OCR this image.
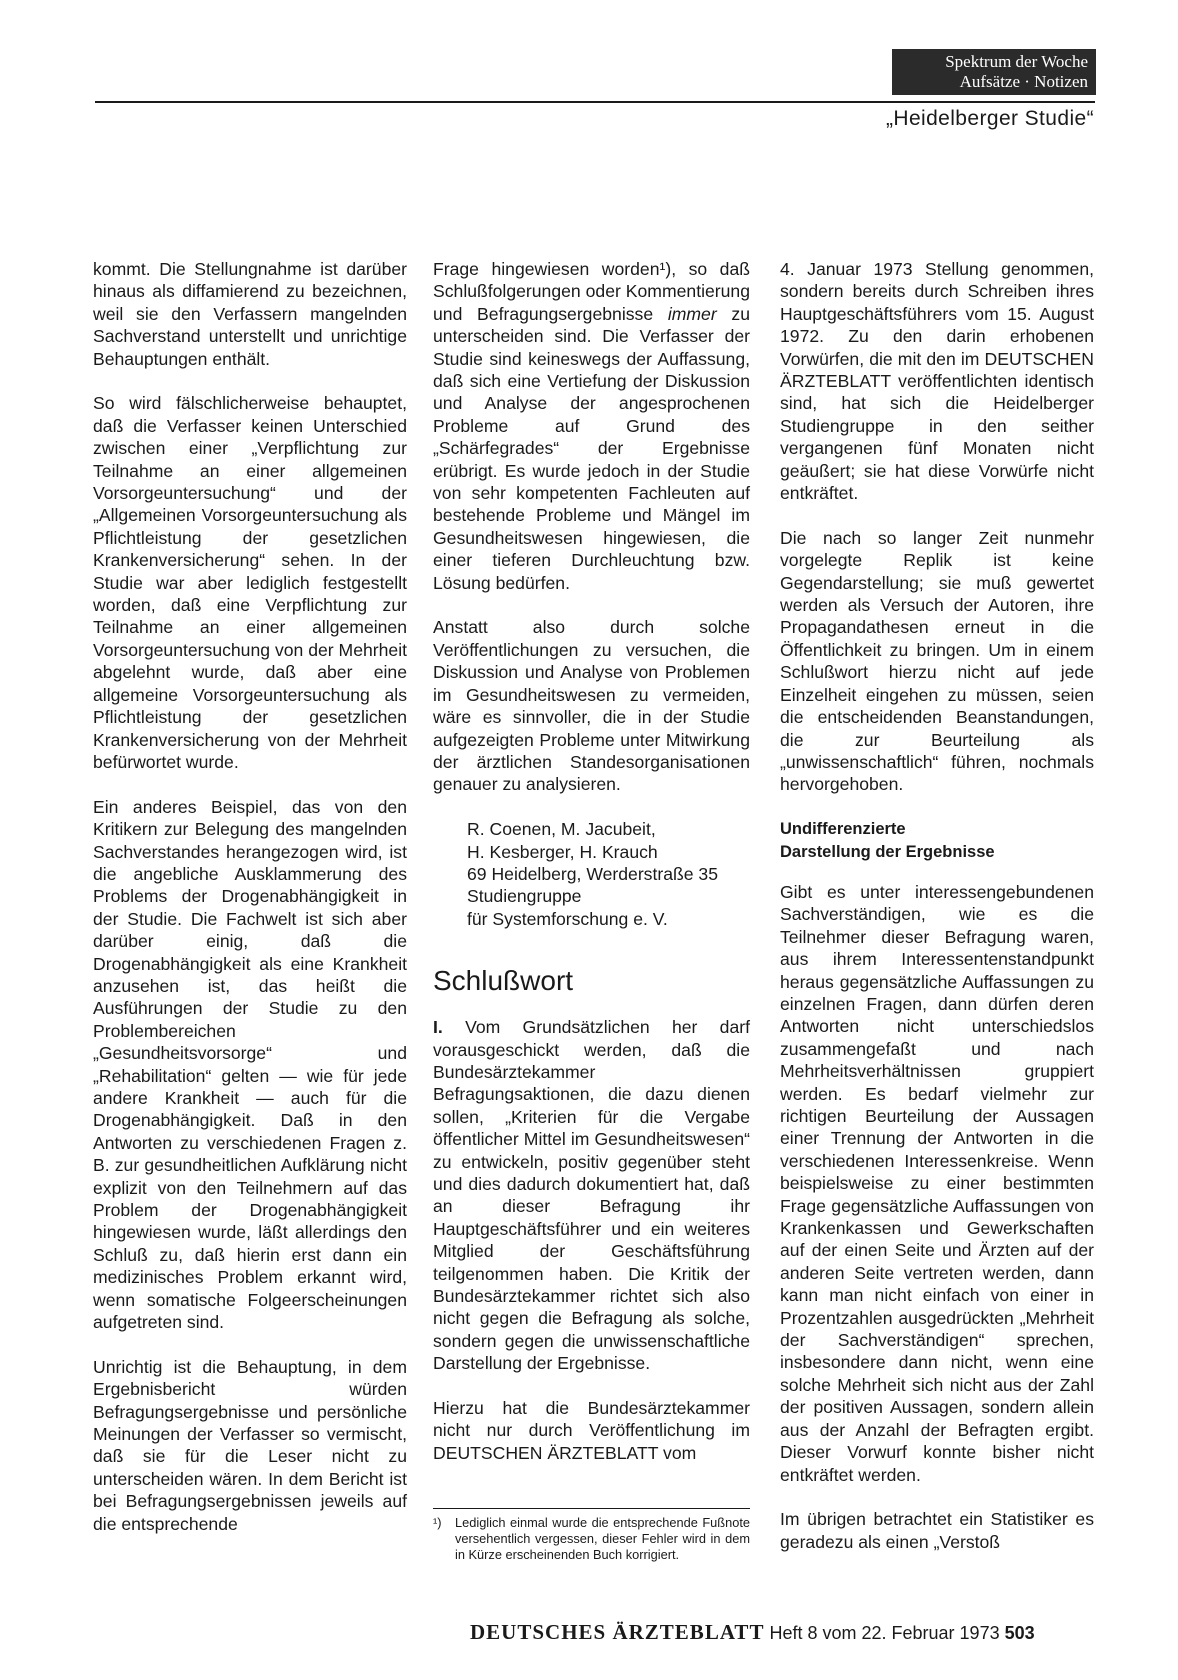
Spektrum der Woche
Aufsätze · Notizen
„Heidelberger Studie“

kommt. Die Stellungnahme ist darüber hinaus als diffamierend zu bezeichnen, weil sie den Verfassern mangelnden Sachverstand unterstellt und unrichtige Behauptungen enthält.

So wird fälschlicherweise behauptet, daß die Verfasser keinen Unterschied zwischen einer „Verpflichtung zur Teilnahme an einer allgemeinen Vorsorgeuntersuchung“ und der „Allgemeinen Vorsorgeuntersuchung als Pflichtleistung der gesetzlichen Krankenversicherung“ sehen. In der Studie war aber lediglich festgestellt worden, daß eine Verpflichtung zur Teilnahme an einer allgemeinen Vorsorgeuntersuchung von der Mehrheit abgelehnt wurde, daß aber eine allgemeine Vorsorgeuntersuchung als Pflichtleistung der gesetzlichen Krankenversicherung von der Mehrheit befürwortet wurde.

Ein anderes Beispiel, das von den Kritikern zur Belegung des mangelnden Sachverstandes herangezogen wird, ist die angebliche Ausklammerung des Problems der Drogenabhängigkeit in der Studie. Die Fachwelt ist sich aber darüber einig, daß die Drogenabhängigkeit als eine Krankheit anzusehen ist, das heißt die Ausführungen der Studie zu den Problembereichen „Gesundheitsvorsorge“ und „Rehabilitation“ gelten — wie für jede andere Krankheit — auch für die Drogenabhängigkeit. Daß in den Antworten zu verschiedenen Fragen z. B. zur gesundheitlichen Aufklärung nicht explizit von den Teilnehmern auf das Problem der Drogenabhängigkeit hingewiesen wurde, läßt allerdings den Schluß zu, daß hierin erst dann ein medizinisches Problem erkannt wird, wenn somatische Folgeerscheinungen aufgetreten sind.

Unrichtig ist die Behauptung, in dem Ergebnisbericht würden Befragungsergebnisse und persönliche Meinungen der Verfasser so vermischt, daß sie für die Leser nicht zu unterscheiden wären. In dem Bericht ist bei Befragungsergebnissen jeweils auf die entsprechende

Frage hingewiesen worden¹), so daß Schlußfolgerungen oder Kommentierung und Befragungsergebnisse immer zu unterscheiden sind. Die Verfasser der Studie sind keineswegs der Auffassung, daß sich eine Vertiefung der Diskussion und Analyse der angesprochenen Probleme auf Grund des „Schärfegrades“ der Ergebnisse erübrigt. Es wurde jedoch in der Studie von sehr kompetenten Fachleuten auf bestehende Probleme und Mängel im Gesundheitswesen hingewiesen, die einer tieferen Durchleuchtung bzw. Lösung bedürfen.

Anstatt also durch solche Veröffentlichungen zu versuchen, die Diskussion und Analyse von Problemen im Gesundheitswesen zu vermeiden, wäre es sinnvoller, die in der Studie aufgezeigten Probleme unter Mitwirkung der ärztlichen Standesorganisationen genauer zu analysieren.

R. Coenen, M. Jacubeit,
H. Kesberger, H. Krauch
69 Heidelberg, Werderstraße 35
Studiengruppe
für Systemforschung e. V.
Schlußwort

I. Vom Grundsätzlichen her darf vorausgeschickt werden, daß die Bundesärztekammer Befragungsaktionen, die dazu dienen sollen, „Kriterien für die Vergabe öffentlicher Mittel im Gesundheitswesen“ zu entwickeln, positiv gegenüber steht und dies dadurch dokumentiert hat, daß an dieser Befragung ihr Hauptgeschäftsführer und ein weiteres Mitglied der Geschäftsführung teilgenommen haben. Die Kritik der Bundesärztekammer richtet sich also nicht gegen die Befragung als solche, sondern gegen die unwissenschaftliche Darstellung der Ergebnisse.

Hierzu hat die Bundesärztekammer nicht nur durch Veröffentlichung im DEUTSCHEN ÄRZTEBLATT vom

4. Januar 1973 Stellung genommen, sondern bereits durch Schreiben ihres Hauptgeschäftsführers vom 15. August 1972. Zu den darin erhobenen Vorwürfen, die mit den im DEUTSCHEN ÄRZTEBLATT veröffentlichten identisch sind, hat sich die Heidelberger Studiengruppe in den seither vergangenen fünf Monaten nicht geäußert; sie hat diese Vorwürfe nicht entkräftet.

Die nach so langer Zeit nunmehr vorgelegte Replik ist keine Gegendarstellung; sie muß gewertet werden als Versuch der Autoren, ihre Propagandathesen erneut in die Öffentlichkeit zu bringen. Um in einem Schlußwort hierzu nicht auf jede Einzelheit eingehen zu müssen, seien die entscheidenden Beanstandungen, die zur Beurteilung als „unwissenschaftlich“ führen, nochmals hervorgehoben.

Undifferenzierte
Darstellung der Ergebnisse

Gibt es unter interessengebundenen Sachverständigen, wie es die Teilnehmer dieser Befragung waren, aus ihrem Interessentenstandpunkt heraus gegensätzliche Auffassungen zu einzelnen Fragen, dann dürfen deren Antworten nicht unterschiedslos zusammengefaßt und nach Mehrheitsverhältnissen gruppiert werden. Es bedarf vielmehr zur richtigen Beurteilung der Aussagen einer Trennung der Antworten in die verschiedenen Interessenkreise. Wenn beispielsweise zu einer bestimmten Frage gegensätzliche Auffassungen von Krankenkassen und Gewerkschaften auf der einen Seite und Ärzten auf der anderen Seite vertreten werden, dann kann man nicht einfach von einer in Prozentzahlen ausgedrückten „Mehrheit der Sachverständigen“ sprechen, insbesondere dann nicht, wenn eine solche Mehrheit sich nicht aus der Zahl der positiven Aussagen, sondern allein aus der Anzahl der Befragten ergibt. Dieser Vorwurf konnte bisher nicht entkräftet werden.

Im übrigen betrachtet ein Statistiker es geradezu als einen „Verstoß

¹)	Lediglich einmal wurde die entsprechende Fußnote versehentlich vergessen, dieser Fehler wird in dem in Kürze erscheinenden Buch korrigiert.
DEUTSCHES ÄRZTEBLATT Heft 8 vom 22. Februar 1973 503
